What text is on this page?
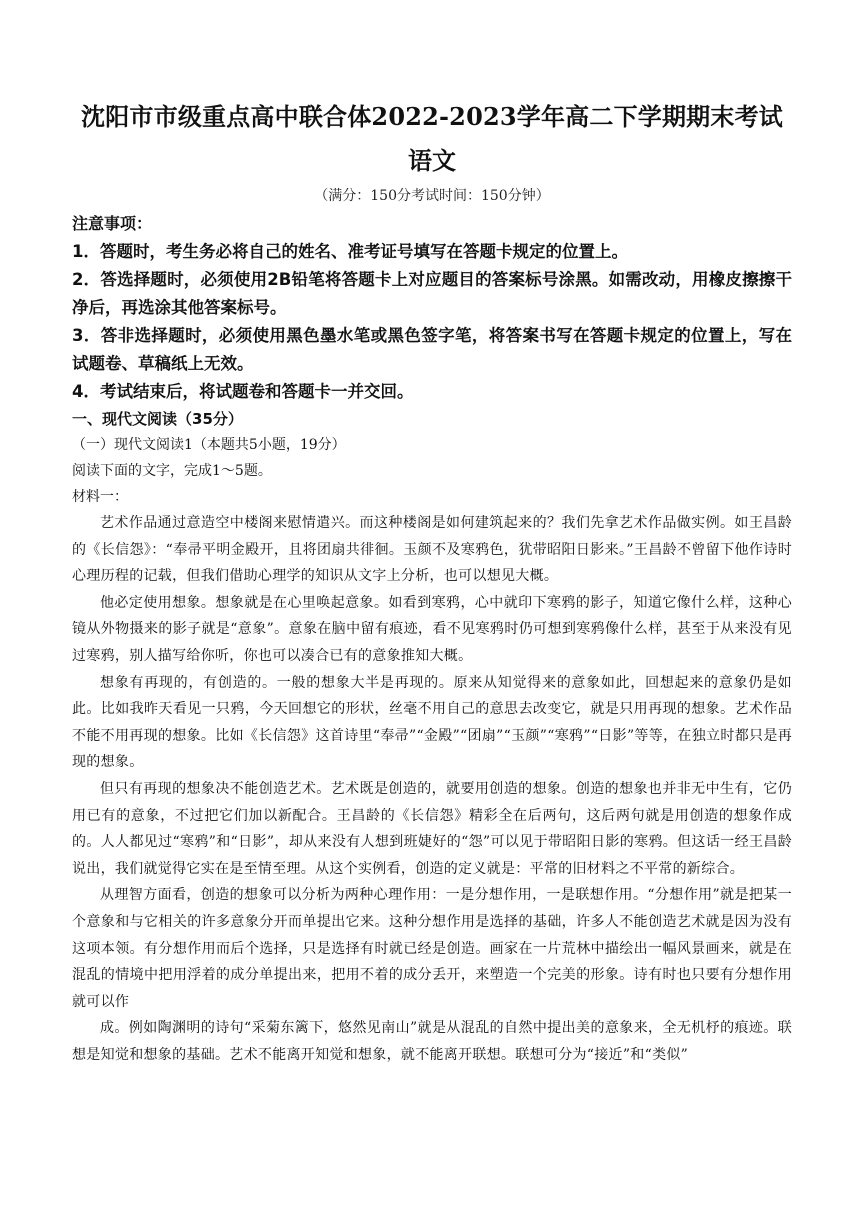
沈阳市市级重点高中联合体2022-2023学年高二下学期期末考试
语文

（满分：150分考试时间：150分钟）

注意事项：

1．答题时，考生务必将自己的姓名、准考证号填写在答题卡规定的位置上。

2．答选择题时，必须使用2B铅笔将答题卡上对应题目的答案标号涂黑。如需改动，用橡皮擦擦干净后，再选涂其他答案标号。

3．答非选择题时，必须使用黑色墨水笔或黑色签字笔，将答案书写在答题卡规定的位置上，写在试题卷、草稿纸上无效。

4．考试结束后，将试题卷和答题卡一并交回。

一、现代文阅读（35分）

（一）现代文阅读1（本题共5小题，19分）

阅读下面的文字，完成1～5题。

材料一：

艺术作品通过意造空中楼阁来慰情遣兴。而这种楼阁是如何建筑起来的？我们先拿艺术作品做实例。如王昌龄的《长信怨》：“奉帚平明金殿开，且将团扇共徘徊。玉颜不及寒鸦色，犹带昭阳日影来。”王昌龄不曾留下他作诗时心理历程的记载，但我们借助心理学的知识从文字上分析，也可以想见大概。

他必定使用想象。想象就是在心里唤起意象。如看到寒鸦，心中就印下寒鸦的影子，知道它像什么样，这种心镜从外物摄来的影子就是“意象”。意象在脑中留有痕迹，看不见寒鸦时仍可想到寒鸦像什么样，甚至于从来没有见过寒鸦，别人描写给你听，你也可以凑合已有的意象推知大概。

想象有再现的，有创造的。一般的想象大半是再现的。原来从知觉得来的意象如此，回想起来的意象仍是如此。比如我昨天看见一只鸦，今天回想它的形状，丝毫不用自己的意思去改变它，就是只用再现的想象。艺术作品不能不用再现的想象。比如《长信怨》这首诗里“奉帚”“金殿”“团扇”“玉颜”“寒鸦”“日影”等等，在独立时都只是再现的想象。

但只有再现的想象决不能创造艺术。艺术既是创造的，就要用创造的想象。创造的想象也并非无中生有，它仍用已有的意象，不过把它们加以新配合。王昌龄的《长信怨》精彩全在后两句，这后两句就是用创造的想象作成的。人人都见过“寒鸦”和“日影”，却从来没有人想到班婕好的“怨”可以见于带昭阳日影的寒鸦。但这话一经王昌龄说出，我们就觉得它实在是至情至理。从这个实例看，创造的定义就是：平常的旧材料之不平常的新综合。

从理智方面看，创造的想象可以分析为两种心理作用：一是分想作用，一是联想作用。“分想作用”就是把某一个意象和与它相关的许多意象分开而单提出它来。这种分想作用是选择的基础，许多人不能创造艺术就是因为没有这项本领。有分想作用而后个选择，只是选择有时就已经是创造。画家在一片荒林中描绘出一幅风景画来，就是在混乱的情境中把用浮着的成分单提出来，把用不着的成分丢开，来塑造一个完美的形象。诗有时也只要有分想作用就可以作

成。例如陶渊明的诗句“采菊东篱下，悠然见南山”就是从混乱的自然中提出美的意象来，全无机杼的痕迹。联想是知觉和想象的基础。艺术不能离开知觉和想象，就不能离开联想。联想可分为“接近”和“类似”
